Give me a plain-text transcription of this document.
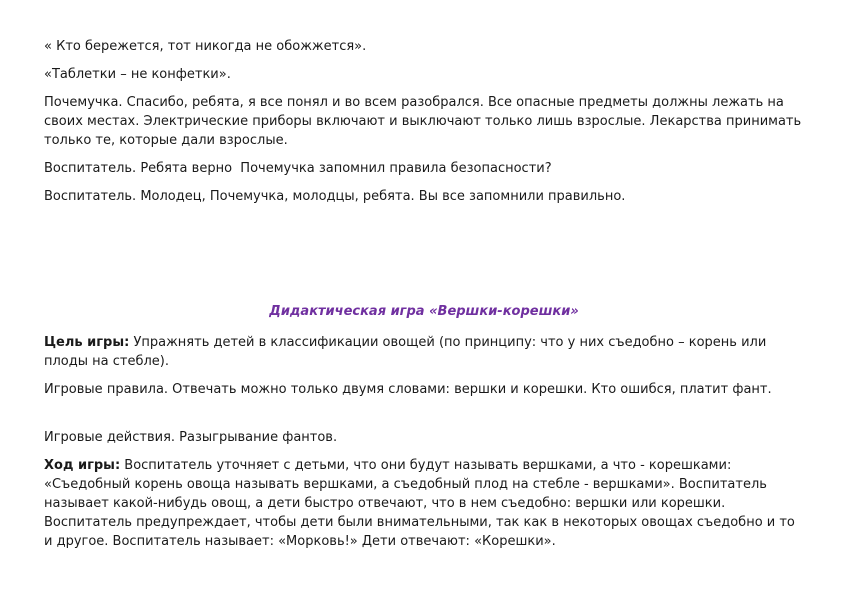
« Кто бережется, тот никогда не обожжется».

«Таблетки – не конфетки».

Почемучка. Спасибо, ребята, я все понял и во всем разобрался. Все опасные предметы должны лежать на своих местах. Электрические приборы включают и выключают только лишь взрослые. Лекарства принимать только те, которые дали взрослые.

Воспитатель. Ребята верно  Почемучка запомнил правила безопасности?

Воспитатель. Молодец, Почемучка, молодцы, ребята. Вы все запомнили правильно.

Дидактическая игра «Вершки-корешки»

Цель игры: Упражнять детей в классификации овощей (по принципу: что у них съедобно – корень или плоды на стебле).

Игровые правила. Отвечать можно только двумя словами: вершки и корешки. Кто ошибся, платит фант.

Игровые действия. Разыгрывание фантов.

Ход игры: Воспитатель уточняет с детьми, что они будут называть вершками, а что - корешками: «Съедобный корень овоща называть вершками, а съедобный плод на стебле - вершками». Воспитатель называет какой-нибудь овощ, а дети быстро отвечают, что в нем съедобно: вершки или корешки. Воспитатель предупреждает, чтобы дети были внимательными, так как в некоторых овощах съедобно и то и другое. Воспитатель называет: «Морковь!» Дети отвечают: «Корешки».
